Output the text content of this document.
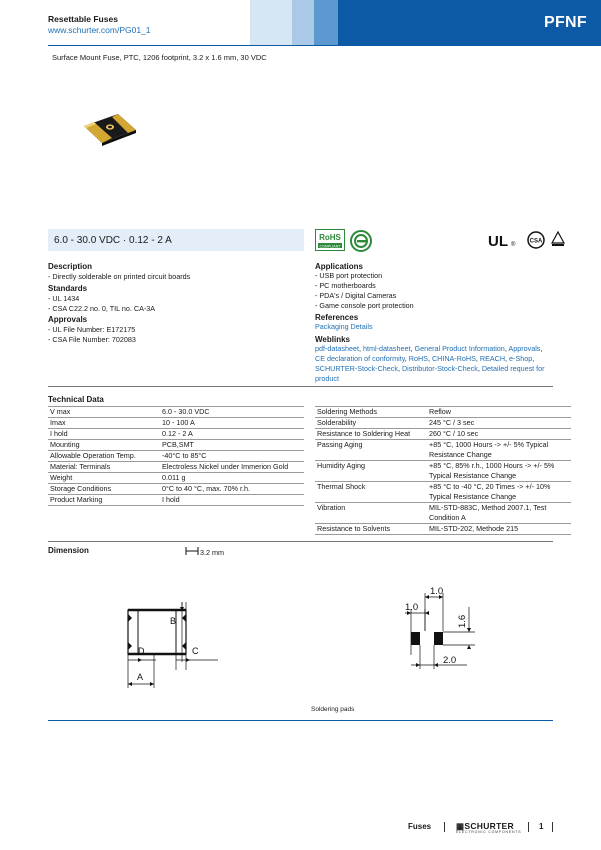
Resettable Fuses
www.schurter.com/PG01_1	PFNF
Surface Mount Fuse, PTC, 1206 footprint, 3.2 x 1.6 mm, 30 VDC
6.0 - 30.0 VDC · 0.12 - 2 A	RoHS
COMPLIANT	UL ®
CSA
Description
- Directly solderable on printed circuit boards
Standards
- UL 1434
- CSA C22.2 no. 0, TIL no. CA-3A
Approvals
- UL File Number: E172175
- CSA File Number: 702083
Applications
- USB port protection
- PC motherboards
- PDA's / Digital Cameras
- Game console port protection
References
Packaging Details
Weblinks
pdf-datasheet, html-datasheet, General Product Information, Approvals,
CE declaration of conformity, RoHS, CHINA-RoHS, REACH, e-Shop,
SCHURTER-Stock-Check, Distributor-Stock-Check, Detailed request for
product
Technical Data
V max	6.0 - 30.0 VDC
Imax	10 - 100 A
I hold	0.12 - 2 A
Mounting	PCB,SMT
Allowable Operation Temp.	-40°C to 85°C
Material: Terminals	Electroless Nickel under Immerion Gold
Weight	0.011 g
Storage Conditions	0°C to 40 °C, max. 70% r.h.
Product Marking	I hold
Soldering Methods	Reflow
Solderability	245 °C / 3 sec
Resistance to Soldering Heat	260 °C / 10 sec
Passing Aging	+85 °C, 1000 Hours -> +/- 5% Typical Resistance Change
Humidity Aging	+85 °C, 85% r.h., 1000 Hours -> +/- 5% Typical Resistance Change
Thermal Shock	+85 °C to -40 °C, 20 Times -> +/- 10% Typical Resistance Change
Vibration	MIL-STD-883C, Method 2007.1, Test Condition A
Resistance to Solvents	MIL-STD-202, Methode 215
Dimension	3.2 mm
B
C
D
A
1.0
1.0
1.6
2.0
Soldering pads
Fuses	▦SCHURTER
ELECTRONIC COMPONENTS
1
